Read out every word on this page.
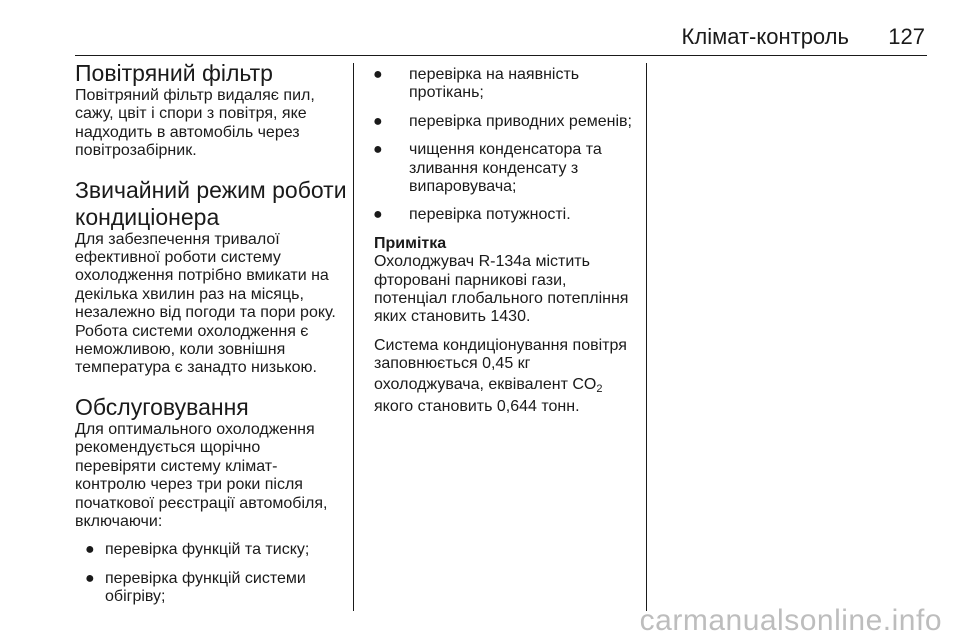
Клімат-контроль 127
Повітряний фільтр

Повітряний фільтр видаляє пил,

сажу, цвіт і спори з повітря, яке

надходить в автомобіль через

повітрозабірник.

Звичайний режим роботи
кондиціонера

Для забезпечення тривалої

ефективної роботи систему

охолодження потрібно вмикати на

декілька хвилин раз на місяць,

незалежно від погоди та пори року.

Робота системи охолодження є

неможливою, коли зовнішня

температура є занадто низькою.

Обслуговування

Для оптимального охолодження

рекомендується щорічно

перевіряти систему клімат-

контролю через три роки після

початкової реєстрації автомобіля,

включаючи:

● перевірка функцій та тиску;
● перевірка функцій системи
обігріву;
● перевірка на наявність
протікань;
● перевірка приводних ременів;
● чищення конденсатора та
зливання конденсату з
випаровувача;
● перевірка потужності.

Примітка

Охолоджувач R-134a містить

фторовані парникові гази,

потенціал глобального потепління

яких становить 1430.

Система кондиціонування повітря

заповнюється 0,45 кг

охолоджувача, еквівалент $CO_2$

якого становить 0,644 тонн.

carmanualsonline.info
